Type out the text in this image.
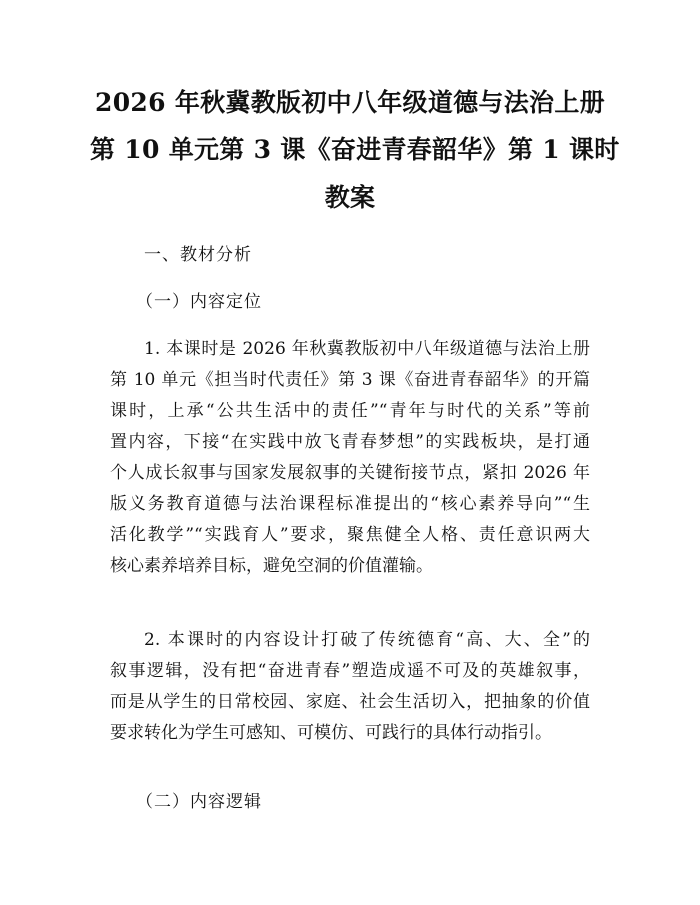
2026 年秋冀教版初中八年级道德与法治上册
第 10 单元第 3 课《奋进青春韶华》第 1 课时
教案
一、教材分析
（一）内容定位
1. 本课时是 2026 年秋冀教版初中八年级道德与法治上册
第 10 单元《担当时代责任》第 3 课《奋进青春韶华》的开篇
课时，上承“公共生活中的责任”“青年与时代的关系”等前
置内容，下接“在实践中放飞青春梦想”的实践板块，是打通
个人成长叙事与国家发展叙事的关键衔接节点，紧扣 2026 年
版义务教育道德与法治课程标准提出的“核心素养导向”“生
活化教学”“实践育人”要求，聚焦健全人格、责任意识两大
核心素养培养目标，避免空洞的价值灌输。
2. 本课时的内容设计打破了传统德育“高、大、全”的
叙事逻辑，没有把“奋进青春”塑造成遥不可及的英雄叙事，
而是从学生的日常校园、家庭、社会生活切入，把抽象的价值
要求转化为学生可感知、可模仿、可践行的具体行动指引。
（二）内容逻辑
